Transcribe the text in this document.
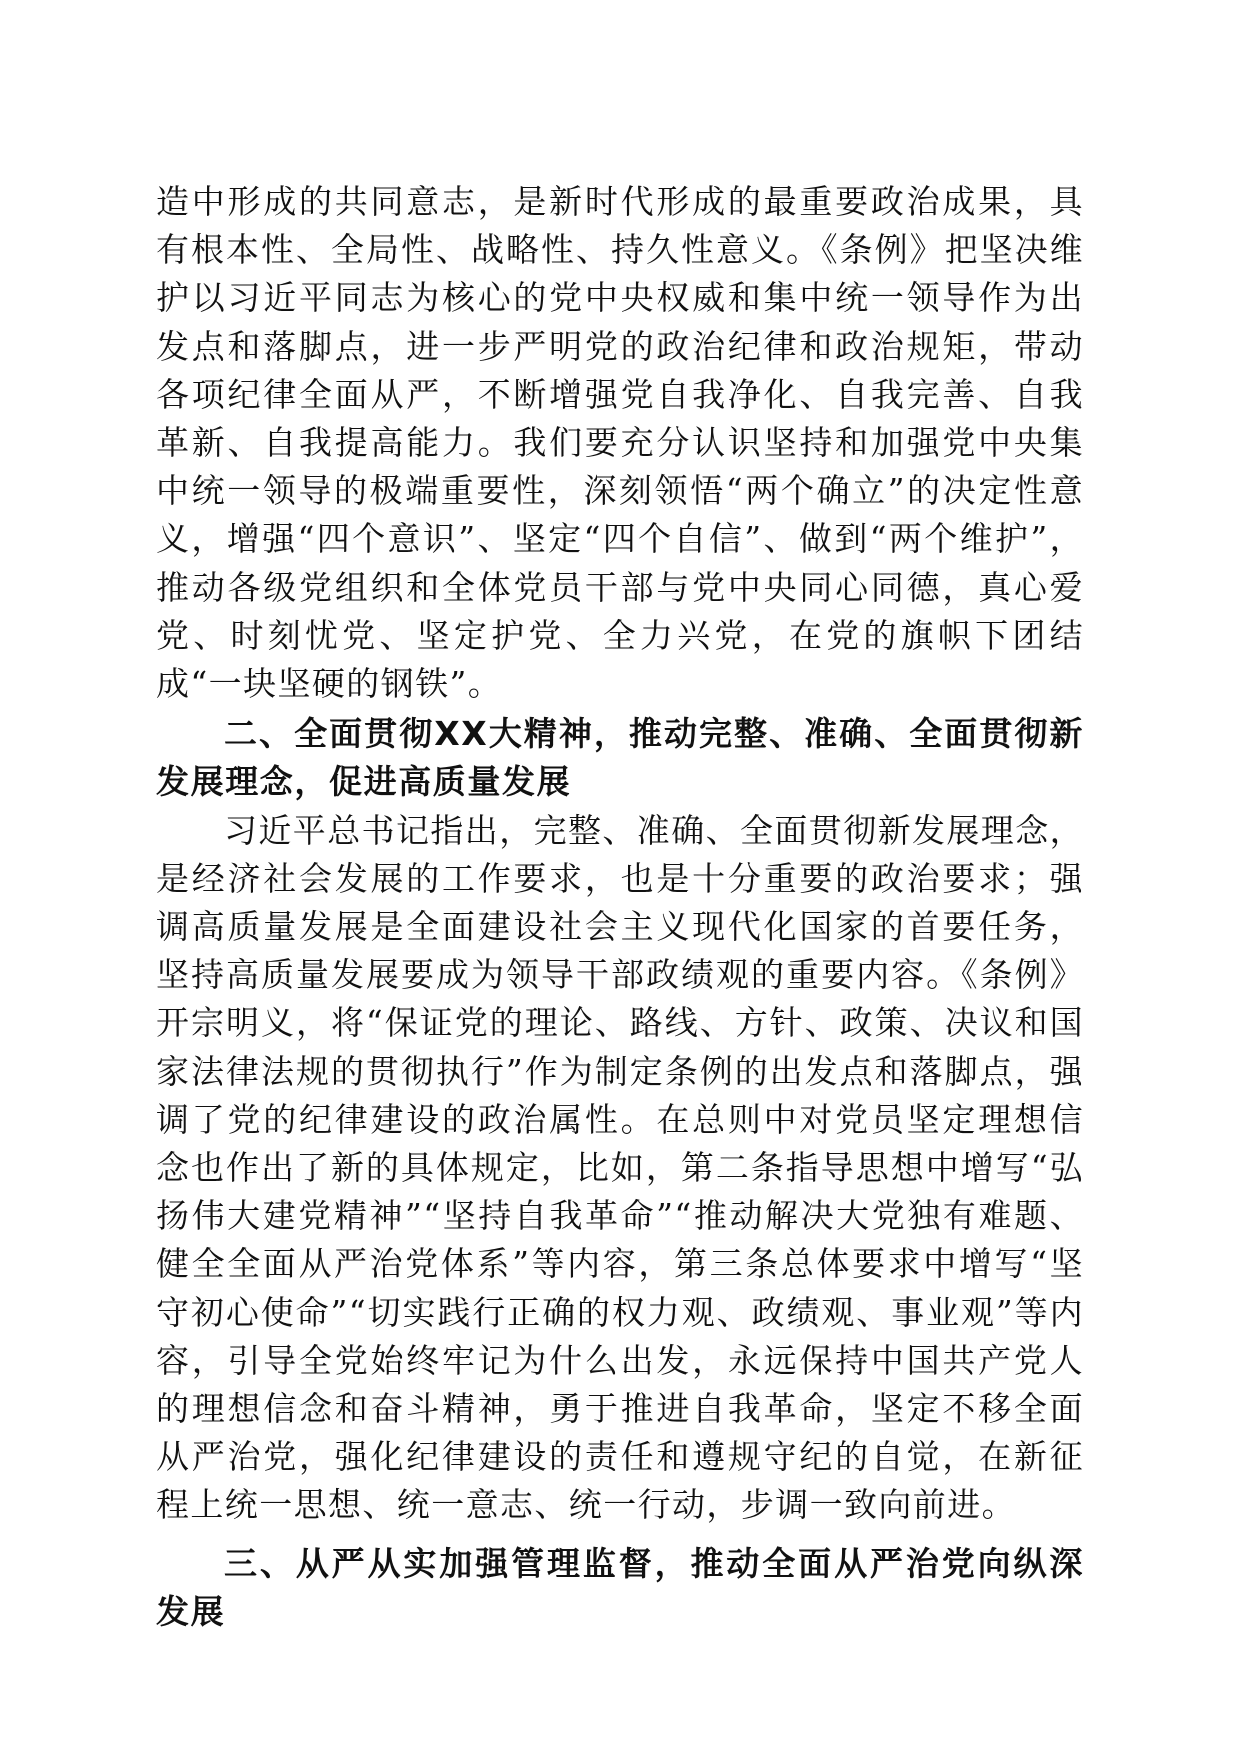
造中形成的共同意志，是新时代形成的最重要政治成果，具有根本性、全局性、战略性、持久性意义。《条例》把坚决维护以习近平同志为核心的党中央权威和集中统一领导作为出发点和落脚点，进一步严明党的政治纪律和政治规矩，带动各项纪律全面从严，不断增强党自我净化、自我完善、自我革新、自我提高能力。我们要充分认识坚持和加强党中央集中统一领导的极端重要性，深刻领悟“两个确立”的决定性意义，增强“四个意识”、坚定“四个自信”、做到“两个维护”，推动各级党组织和全体党员干部与党中央同心同德，真心爱党、时刻忧党、坚定护党、全力兴党，在党的旗帜下团结成“一块坚硬的钢铁”。

二、全面贯彻XX大精神，推动完整、准确、全面贯彻新发展理念，促进高质量发展

习近平总书记指出，完整、准确、全面贯彻新发展理念，是经济社会发展的工作要求，也是十分重要的政治要求；强调高质量发展是全面建设社会主义现代化国家的首要任务，坚持高质量发展要成为领导干部政绩观的重要内容。《条例》开宗明义，将“保证党的理论、路线、方针、政策、决议和国家法律法规的贯彻执行”作为制定条例的出发点和落脚点，强调了党的纪律建设的政治属性。在总则中对党员坚定理想信念也作出了新的具体规定，比如，第二条指导思想中增写“弘扬伟大建党精神”“坚持自我革命”“推动解决大党独有难题、健全全面从严治党体系”等内容，第三条总体要求中增写“坚守初心使命”“切实践行正确的权力观、政绩观、事业观”等内容，引导全党始终牢记为什么出发，永远保持中国共产党人的理想信念和奋斗精神，勇于推进自我革命，坚定不移全面从严治党，强化纪律建设的责任和遵规守纪的自觉，在新征程上统一思想、统一意志、统一行动，步调一致向前进。

三、从严从实加强管理监督，推动全面从严治党向纵深发展
